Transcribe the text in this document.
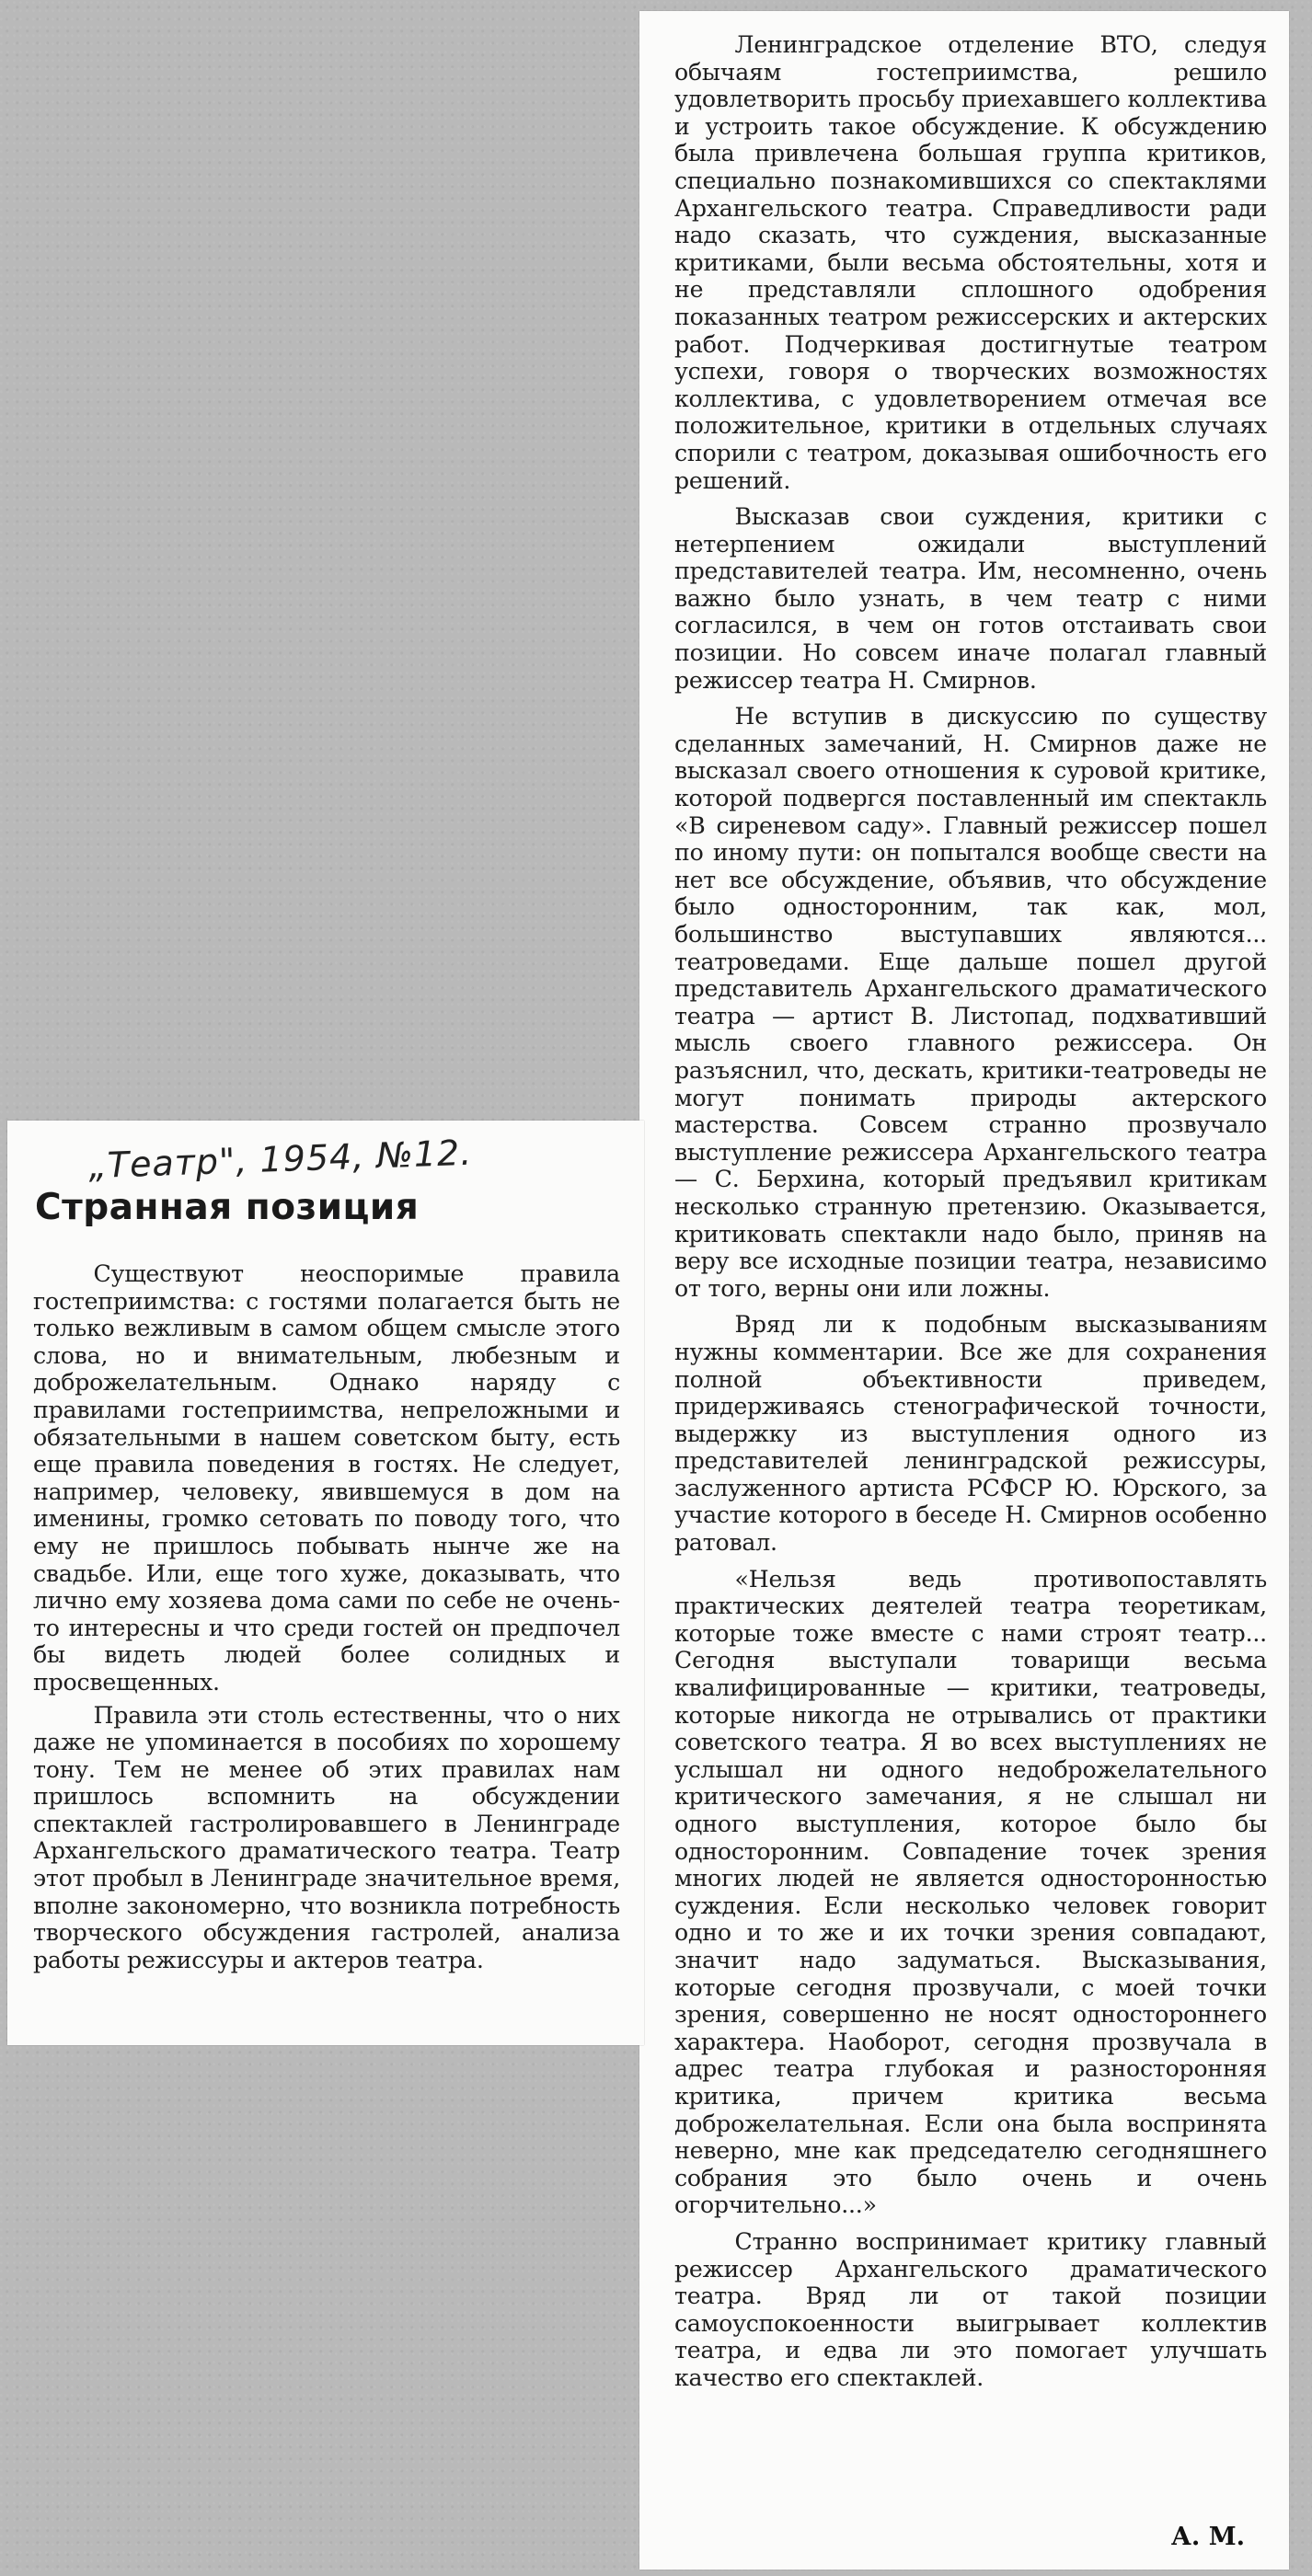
Ленинградское отделение ВТО, следуя обычаям гостеприимства, решило удовлетворить просьбу приехавшего коллектива и устроить такое обсуждение. К обсуждению была привлечена большая группа критиков, специально познакомившихся со спектаклями Архангельского театра. Справедливости ради надо сказать, что суждения, высказанные критиками, были весьма обстоятельны, хотя и не представляли сплошного одобрения показанных театром режиссерских и актерских работ. Подчеркивая достигнутые театром успехи, говоря о творческих возможностях коллектива, с удовлетворением отмечая все положительное, критики в отдельных случаях спорили с театром, доказывая ошибочность его решений.

Высказав свои суждения, критики с нетерпением ожидали выступлений представителей театра. Им, несомненно, очень важно было узнать, в чем театр с ними согласился, в чем он готов отстаивать свои позиции. Но совсем иначе полагал главный режиссер театра Н. Смирнов.

Не вступив в дискуссию по существу сделанных замечаний, Н. Смирнов даже не высказал своего отношения к суровой критике, которой подвергся поставленный им спектакль «В сиреневом саду». Главный режиссер пошел по иному пути: он попытался вообще свести на нет все обсуждение, объявив, что обсуждение было односторонним, так как, мол, большинство выступавших являются... театроведами. Еще дальше пошел другой представитель Архангельского драматического театра — артист В. Листопад, подхвативший мысль своего главного режиссера. Он разъяснил, что, дескать, критики-театроведы не могут понимать природы актерского мастерства. Совсем странно прозвучало выступление режиссера Архангельского театра — С. Берхина, который предъявил критикам несколько странную претензию. Оказывается, критиковать спектакли надо было, приняв на веру все исходные позиции театра, независимо от того, верны они или ложны.

Вряд ли к подобным высказываниям нужны комментарии. Все же для сохранения полной объективности приведем, придерживаясь стенографической точности, выдержку из выступления одного из представителей ленинградской режиссуры, заслуженного артиста РСФСР Ю. Юрского, за участие которого в беседе Н. Смирнов особенно ратовал.

«Нельзя ведь противопоставлять практических деятелей театра теоретикам, которые тоже вместе с нами строят театр... Сегодня выступали товарищи весьма квалифицированные — критики, театроведы, которые никогда не отрывались от практики советского театра. Я во всех выступлениях не услышал ни одного недоброжелательного критического замечания, я не слышал ни одного выступления, которое было бы односторонним. Совпадение точек зрения многих людей не является односторонностью суждения. Если несколько человек говорит одно и то же и их точки зрения совпадают, значит надо задуматься. Высказывания, которые сегодня прозвучали, с моей точки зрения, совершенно не носят одностороннего характера. Наоборот, сегодня прозвучала в адрес театра глубокая и разносторонняя критика, причем критика весьма доброжелательная. Если она была воспринята неверно, мне как председателю сегодняшнего собрания это было очень и очень огорчительно...»

Странно воспринимает критику главный режиссер Архангельского драматического театра. Вряд ли от такой позиции самоуспокоенности выигрывает коллектив театра, и едва ли это помогает улучшать качество его спектаклей.

А. М.
„Театр", 1954, №12.
Странная позиция

Существуют неоспоримые правила гостеприимства: с гостями полагается быть не только вежливым в самом общем смысле этого слова, но и внимательным, любезным и доброжелательным. Однако наряду с правилами гостеприимства, непреложными и обязательными в нашем советском быту, есть еще правила поведения в гостях. Не следует, например, человеку, явившемуся в дом на именины, громко сетовать по поводу того, что ему не пришлось побывать нынче же на свадьбе. Или, еще того хуже, доказывать, что лично ему хозяева дома сами по себе не очень-то интересны и что среди гостей он предпочел бы видеть людей более солидных и просвещенных.

Правила эти столь естественны, что о них даже не упоминается в пособиях по хорошему тону. Тем не менее об этих правилах нам пришлось вспомнить на обсуждении спектаклей гастролировавшего в Ленинграде Архангельского драматического театра. Театр этот пробыл в Ленинграде значительное время, вполне закономерно, что возникла потребность творческого обсуждения гастролей, анализа работы режиссуры и актеров театра.
